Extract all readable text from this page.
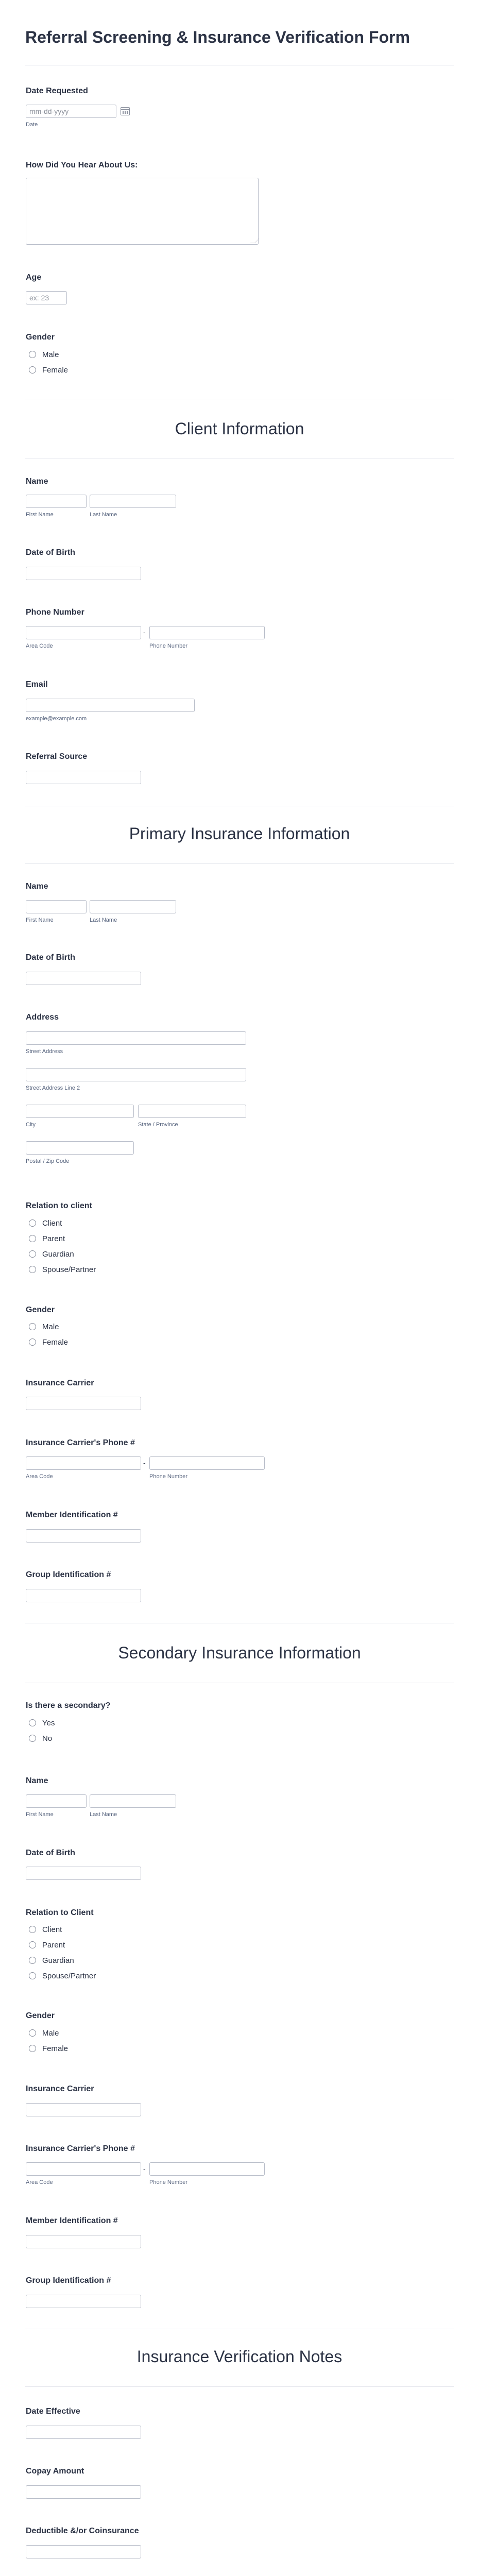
Referral Screening & Insurance Verification Form
Date Requested
mm-dd-yyyy
Date
How Did You Hear About Us:
Age
ex: 23
Gender
Male
Female
Client Information
Name
First Name	Last Name
Date of Birth
Phone Number
-
Area Code	Phone Number
Email
example@example.com
Referral Source
Primary Insurance Information
Name
First Name	Last Name
Date of Birth
Address
Street Address
Street Address Line 2
City	State / Province
Postal / Zip Code
Relation to client
Client
Parent
Guardian
Spouse/Partner
Gender
Male
Female
Insurance Carrier
Insurance Carrier's Phone #
-
Area Code	Phone Number
Member Identification #
Group Identification #
Secondary Insurance Information
Is there a secondary?
Yes
No
Name
First Name	Last Name
Date of Birth
Relation to Client
Client
Parent
Guardian
Spouse/Partner
Gender
Male
Female
Insurance Carrier
Insurance Carrier's Phone #
-
Area Code	Phone Number
Member Identification #
Group Identification #
Insurance Verification Notes
Date Effective
Copay Amount
Deductible &/or Coinsurance
